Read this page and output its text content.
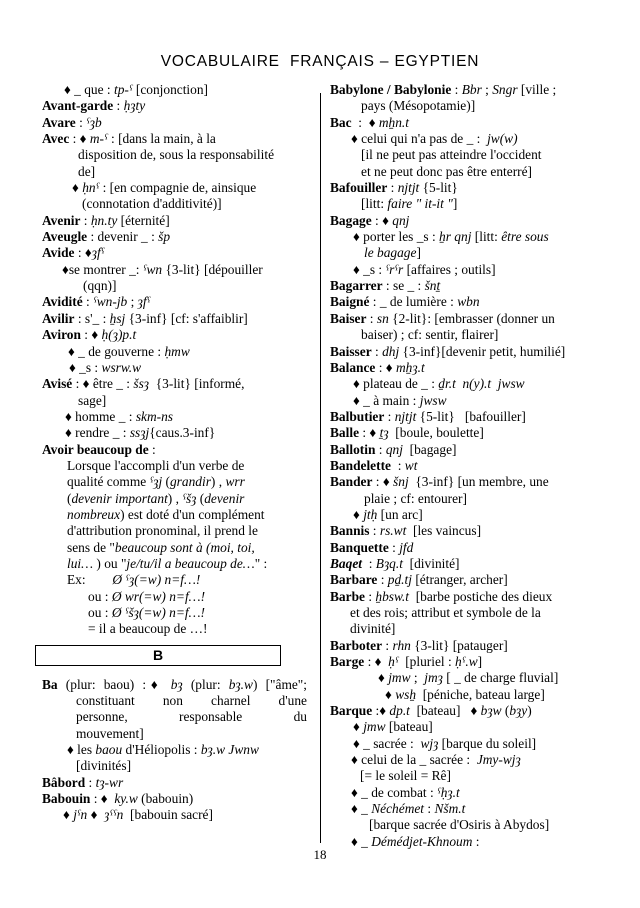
VOCABULAIRE  FRANÇAIS – EGYPTIEN
♦ _ que : tp-ˁ [conjonction]
Avant-garde : ḥȝty
Avare : ˁȝb
Avec : ♦ m-ˁ : [dans la main, à la
disposition de, sous la responsabilité
de]
♦ ḥnˁ : [en compagnie de, ainsique
(connotation d'additivité)]
Avenir : ḥn.ty [éternité]
Aveugle : devenir _ : šp
Avide : ♦ȝfˁ
♦se montrer _: ˁwn {3-lit} [dépouiller
(qqn)]
Avidité : ˁwn-jb ; ȝfˁ
Avilir : s'_ : ẖsj {3-inf} [cf: s'affaiblir]
Aviron : ♦ ḥ(ȝ)p.t
♦ _ de gouverne : ḥmw
♦ _s : wsrw.w
Avisé : ♦ être _ : šsȝ  {3-lit} [informé,
sage]
♦ homme _ : skm-ns
♦ rendre _ : ssȝj{caus.3-inf}
Avoir beaucoup de :
Lorsque l'accompli d'un verbe de
qualité comme ˁȝj (grandir) , wrr
(devenir important) , ˁšȝ (devenir
nombreux) est doté d'un complément
d'attribution pronominal, il prend le
sens de "beaucoup sont à (moi, toi,
lui… ) ou "je/tu/il a beaucoup de…" :
Ex:        Ø ˁȝ(=w) n=f…!
ou : Ø wr(=w) n=f…!
ou : Ø ˁšȝ(=w) n=f…!
= il a beaucoup de …!
B
Ba (plur: baou) :♦ bȝ (plur: bȝ.w) ["âme";
constituant non charnel d'une
personne, responsable du
mouvement]
♦ les baou d'Héliopolis : bȝ.w Jwnw
[divinités]
Bâbord : tȝ-wr
Babouin : ♦  ky.w (babouin)
♦ jˁn ♦  ȝˁˁn  [babouin sacré]
Babylone / Babylonie : Bbr ; Sngr [ville ;
pays (Mésopotamie)]
Bac  :  ♦ mẖn.t
♦ celui qui n'a pas de _ :  jw(w)
[il ne peut pas atteindre l'occident
et ne peut donc pas être enterré]
Bafouiller : njtjt {5-lit}
[litt: faire " it-it "]
Bagage : ♦ qnj
♦ porter les _s : ẖr qnj [litt: être sous
le bagage]
♦ _s : ˁrˁr [affaires ; outils]
Bagarrer : se _ : šnṯ
Baigné : _ de lumière : wbn
Baiser : sn {2-lit}: [embrasser (donner un
baiser) ; cf: sentir, flairer]
Baisser : dhj {3-inf}[devenir petit, humilié]
Balance : ♦ mẖȝ.t
♦ plateau de _ : ḏr.t  n(y).t  jwsw
♦ _ à main : jwsw
Balbutier : njtjt {5-lit}   [bafouiller]
Balle : ♦ ṯȝ  [boule, boulette]
Ballotin : qnj  [bagage]
Bandelette  : wt
Bander : ♦ šnj  {3-inf} [un membre, une
plaie ; cf: entourer]
♦ jtḥ [un arc]
Bannis : rs.wt  [les vaincus]
Banquette : jfd
Baqet  : Bȝq.t  [divinité]
Barbare : pḏ.tj [étranger, archer]
Barbe : ẖbsw.t  [barbe postiche des dieux
et des rois; attribut et symbole de la
divinité]
Barboter : rhn {3-lit} [patauger]
Barge : ♦  ḥˁ  [pluriel : ḥˁ.w]
♦ jmw ;  jmȝ [ _ de charge fluvial]
♦ wsẖ  [péniche, bateau large]
Barque :♦ dp.t  [bateau]   ♦ bȝw (bȝy)
♦ jmw [bateau]
♦ _ sacrée :  wjȝ [barque du soleil]
♦ celui de la _ sacrée :  Jmy-wjȝ
[= le soleil = Rê]
♦ _ de combat : ˁḥȝ.t
♦ _ Néchémet : Nšm.t
[barque sacrée d'Osiris à Abydos]
♦ _ Démédjet-Khnoum :
18
